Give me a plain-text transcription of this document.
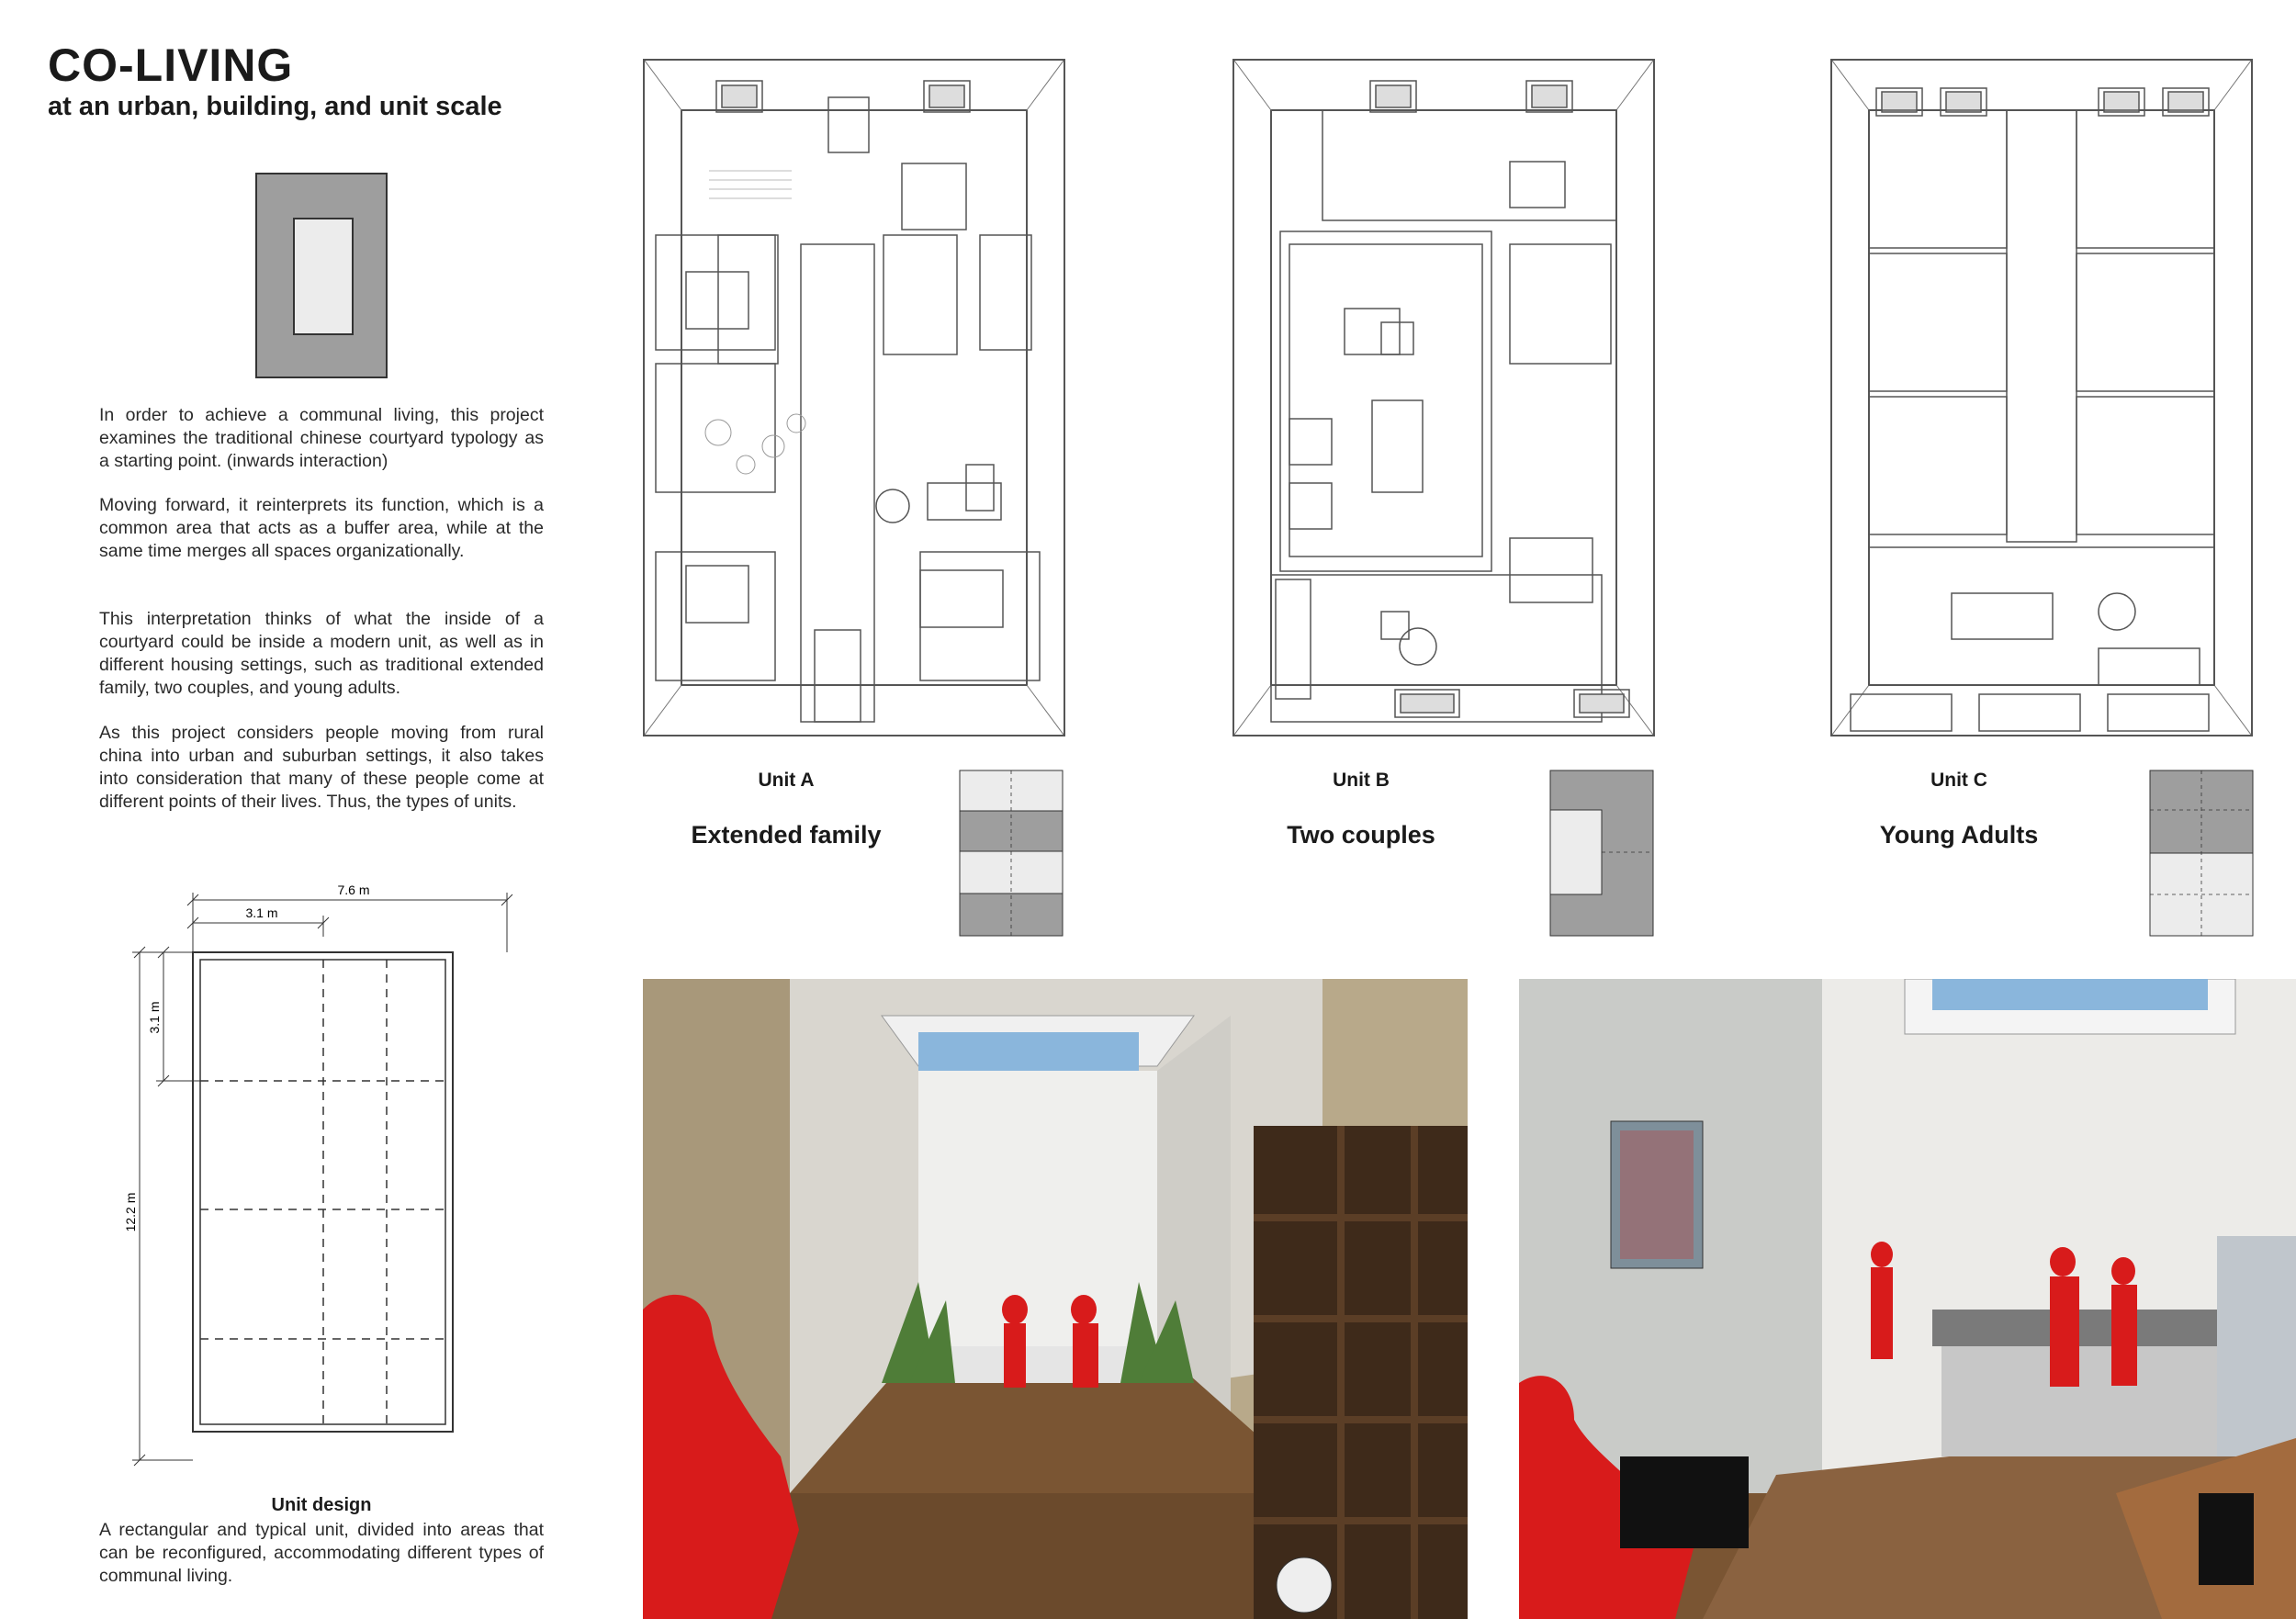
CO-LIVING
at an urban, building, and unit scale

In order to achieve a communal living, this project examines the traditional chinese courtyard typology as a starting point. (inwards interaction)

Moving forward, it reinterprets its function, which is a common area that acts as a buffer area, while at the same time merges all spaces organizationally.

This interpretation thinks of what the inside of a courtyard could be inside a modern unit, as well as in different housing settings, such as traditional extended family, two couples, and young adults.

As this project considers people moving from rural china into urban and suburban settings, it also takes into consideration that many of these people come at different points of their lives. Thus, the types of units.

7.6 m
3.1 m
3.1 m
12.2 m
Unit design
A rectangular and typical unit, divided into areas that can be reconfigured, accommodating different types of communal living.
Unit A
Extended family
Unit B
Two couples
Unit C
Young Adults
